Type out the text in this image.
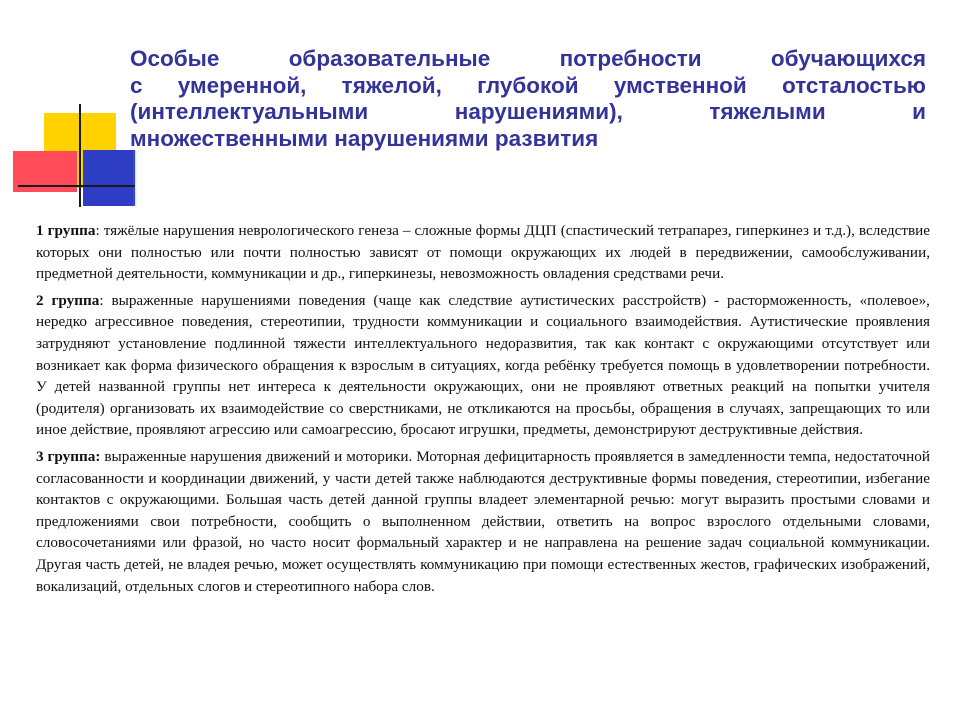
Особые образовательные потребности обучающихся
с умеренной, тяжелой, глубокой умственной отсталостью
(интеллектуальными нарушениями), тяжелыми и
множественными нарушениями развития

1 группа: тяжёлые нарушения неврологического генеза – сложные формы ДЦП (спастический тетрапарез, гиперкинез и т.д.), вследствие которых они полностью или почти полностью зависят от помощи окружающих их людей в передвижении, самообслуживании, предметной деятельности, коммуникации и др., гиперкинезы, невозможность овладения средствами речи.

2 группа: выраженные нарушениями поведения (чаще как следствие аутистических расстройств) - расторможенность, «полевое», нередко агрессивное поведения, стереотипии, трудности коммуникации и социального взаимодействия. Аутистические проявления затрудняют установление подлинной тяжести интеллектуального недоразвития, так как контакт с окружающими отсутствует или возникает как форма физического обращения к взрослым в ситуациях, когда ребёнку требуется помощь в удовлетворении потребности. У детей названной группы нет интереса к деятельности окружающих, они не проявляют ответных реакций на попытки учителя (родителя) организовать их взаимодействие со сверстниками, не откликаются на просьбы, обращения в случаях, запрещающих то или иное действие, проявляют агрессию или самоагрессию, бросают игрушки, предметы, демонстрируют деструктивные действия.

3 группа: выраженные нарушения движений и моторики. Моторная дефицитарность проявляется в замедленности темпа, недостаточной согласованности и координации движений, у части детей также наблюдаются деструктивные формы поведения, стереотипии, избегание контактов с окружающими. Большая часть детей данной группы владеет элементарной речью: могут выразить простыми словами и предложениями свои потребности, сообщить о выполненном действии, ответить на вопрос взрослого отдельными словами, словосочетаниями или фразой, но часто носит формальный характер и не направлена на решение задач социальной коммуникации. Другая часть детей, не владея речью, может осуществлять коммуникацию при помощи естественных жестов, графических изображений, вокализаций, отдельных слогов и стереотипного набора слов.
